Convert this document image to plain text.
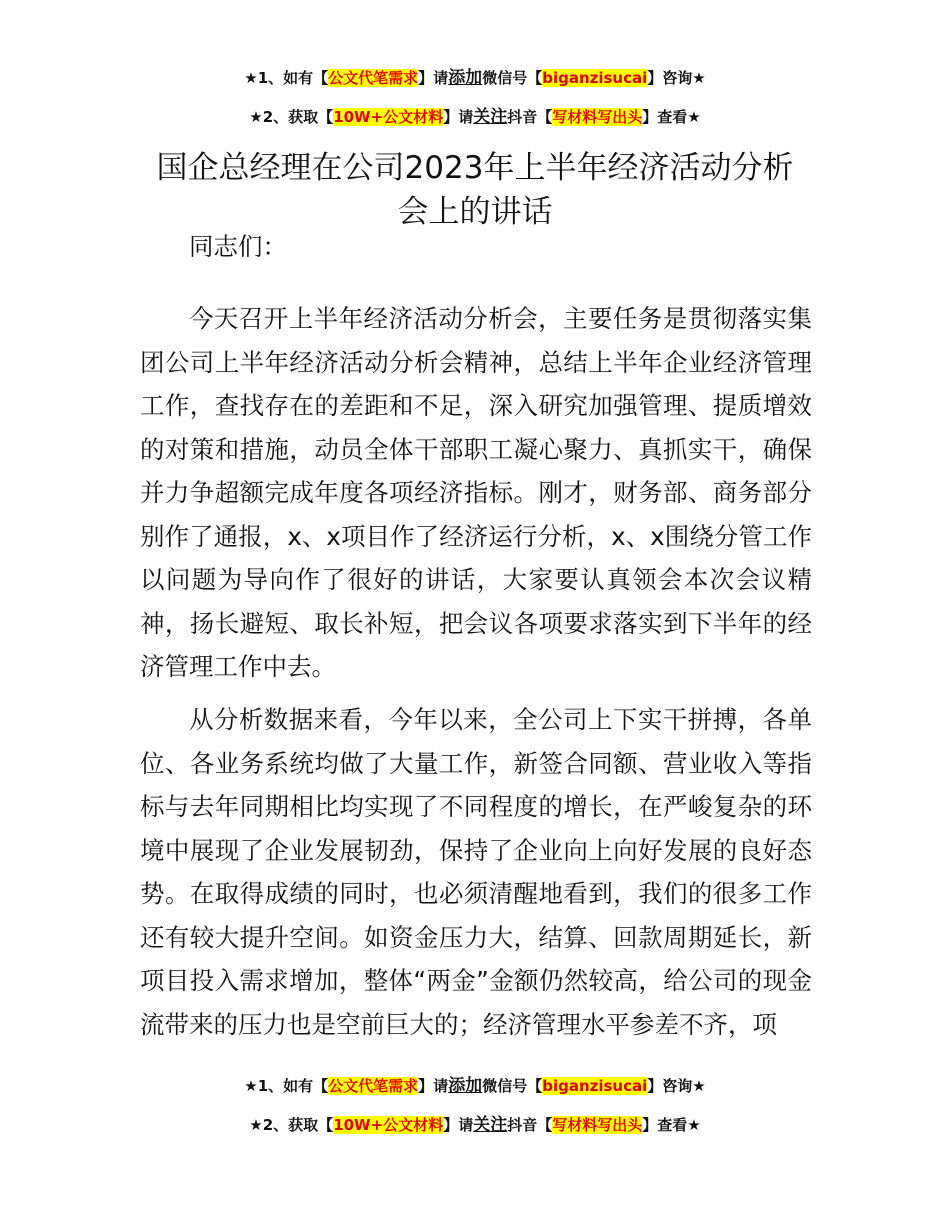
★1、如有【公文代笔需求】请添加微信号【biganzisucai】咨询★
★2、获取【10W+公文材料】请关注抖音【写材料写出头】查看★
国企总经理在公司2023年上半年经济活动分析
会上的讲话
同志们：

今天召开上半年经济活动分析会，主要任务是贯彻落实集团公司上半年经济活动分析会精神，总结上半年企业经济管理工作，查找存在的差距和不足，深入研究加强管理、提质增效的对策和措施，动员全体干部职工凝心聚力、真抓实干，确保并力争超额完成年度各项经济指标。刚才，财务部、商务部分别作了通报，x、x项目作了经济运行分析，x、x围绕分管工作以问题为导向作了很好的讲话，大家要认真领会本次会议精神，扬长避短、取长补短，把会议各项要求落实到下半年的经济管理工作中去。

从分析数据来看，今年以来，全公司上下实干拼搏，各单位、各业务系统均做了大量工作，新签合同额、营业收入等指标与去年同期相比均实现了不同程度的增长，在严峻复杂的环境中展现了企业发展韧劲，保持了企业向上向好发展的良好态势。在取得成绩的同时，也必须清醒地看到，我们的很多工作还有较大提升空间。如资金压力大，结算、回款周期延长，新项目投入需求增加，整体“两金”金额仍然较高，给公司的现金流带来的压力也是空前巨大的；经济管理水平参差不齐，项

★1、如有【公文代笔需求】请添加微信号【biganzisucai】咨询★
★2、获取【10W+公文材料】请关注抖音【写材料写出头】查看★
